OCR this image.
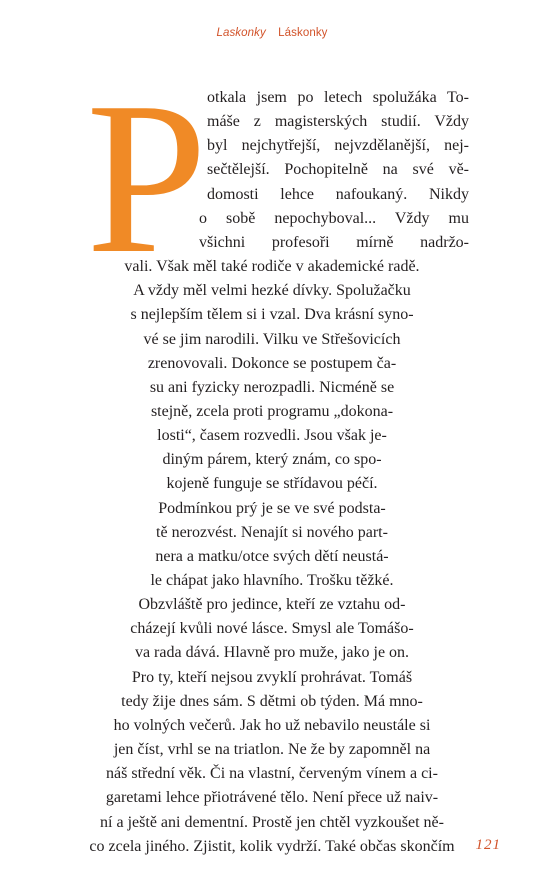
Laskonky Láskonky
P otkala jsem po letech spolužáka To-
máše z magisterských studií. Vždy
byl nejchytřejší, nejvzdělanější, nej-
sečtělejší. Pochopitelně na své vě-
domosti lehce nafoukaný. Nikdy
o sobě nepochyboval... Vždy mu
všichni profesoři mírně nadržo-
vali. Však měl také rodiče v akademické radě.
A vždy měl velmi hezké dívky. Spolužačku
s nejlepším tělem si i vzal. Dva krásní syno-
vé se jim narodili. Vilku ve Střešovicích
zrenovovali. Dokonce se postupem ča-
su ani fyzicky nerozpadli. Nicméně se
stejně, zcela proti programu „dokona-
losti“, časem rozvedli. Jsou však je-
diným párem, který znám, co spo-
kojeně funguje se střídavou péčí.
Podmínkou prý je se ve své podsta-
tě nerozvést. Nenajít si nového part-
nera a matku/otce svých dětí neustá-
le chápat jako hlavního. Trošku těžké.
Obzvláště pro jedince, kteří ze vztahu od-
cházejí kvůli nové lásce. Smysl ale Tomášo-
va rada dává. Hlavně pro muže, jako je on.
Pro ty, kteří nejsou zvyklí prohrávat. Tomáš
tedy žije dnes sám. S dětmi ob týden. Má mno-
ho volných večerů. Jak ho už nebavilo neustále si
jen číst, vrhl se na triatlon. Ne že by zapomněl na
náš střední věk. Či na vlastní, červeným vínem a ci-
garetami lehce přiotrávené tělo. Není přece už naiv-
ní a ještě ani dementní. Prostě jen chtěl vyzkoušet ně-
co zcela jiného. Zjistit, kolik vydrží. Také občas skončím	121
